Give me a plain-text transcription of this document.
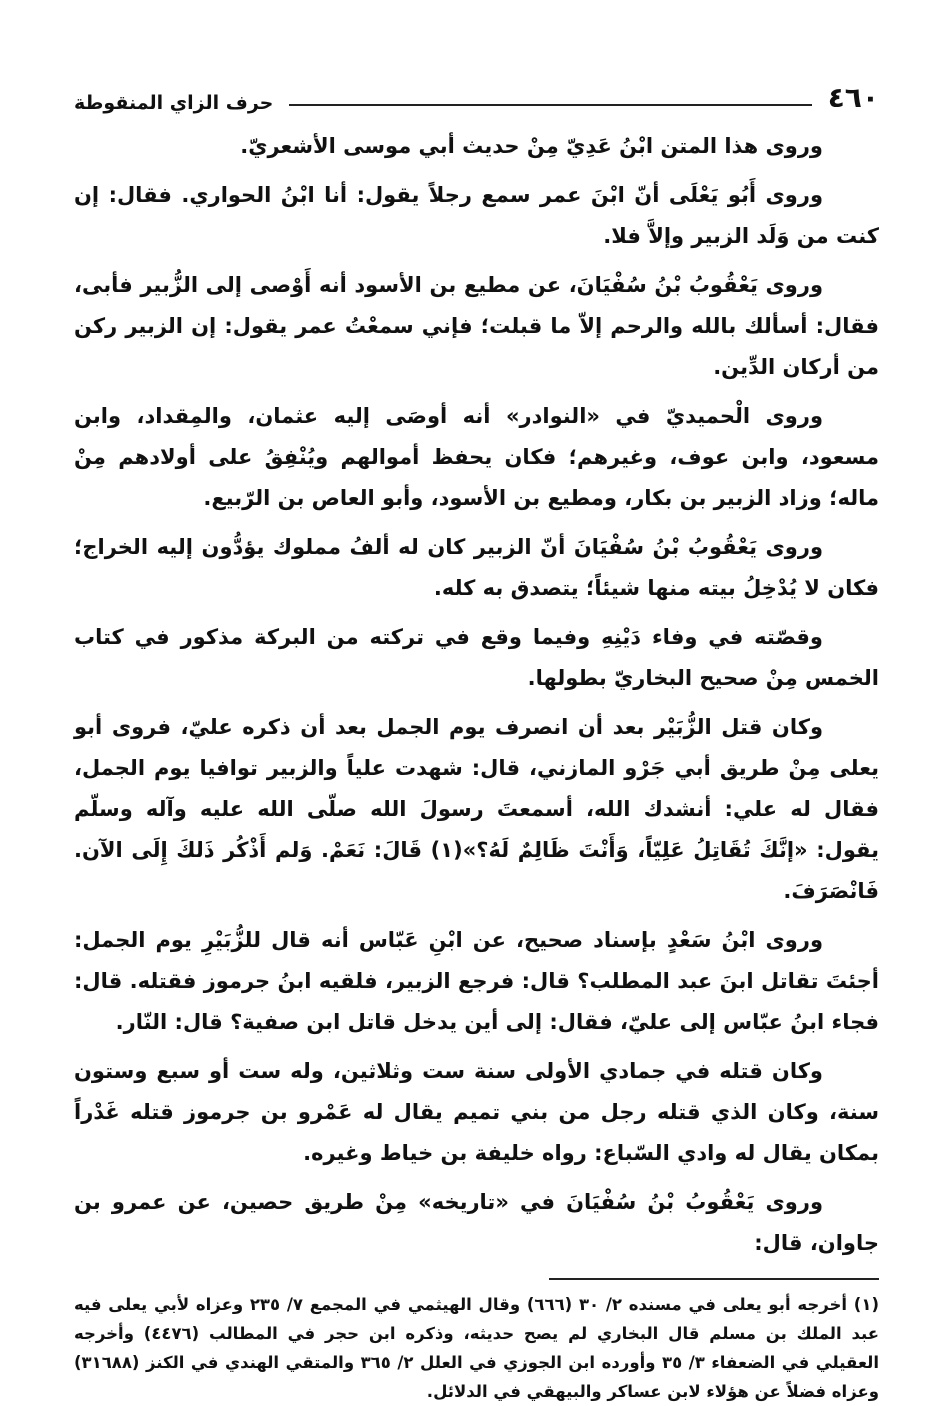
٤٦٠
حرف الزاي المنقوطة

وروى هذا المتن ابْنُ عَدِيّ مِنْ حديث أبي موسى الأشعريّ.

وروى أَبُو يَعْلَى أنّ ابْنَ عمر سمع رجلاً يقول: أنا ابْنُ الحواري. فقال: إن كنت من وَلَد الزبير وإلاَّ فلا.

وروى يَعْقُوبُ بْنُ سُفْيَانَ، عن مطيع بن الأسود أنه أَوْصى إلى الزُّبير فأبى، فقال: أسألك بالله والرحم إلاّ ما قبلت؛ فإني سمعْتُ عمر يقول: إن الزبير ركن من أركان الدِّين.

وروى الْحميديّ في «النوادر» أنه أوصَى إليه عثمان، والمِقداد، وابن مسعود، وابن عوف، وغيرهم؛ فكان يحفظ أموالهم ويُنْفِقُ على أولادهم مِنْ ماله؛ وزاد الزبير بن بكار، ومطيع بن الأسود، وأبو العاص بن الرّبيع.

وروى يَعْقُوبُ بْنُ سُفْيَانَ أنّ الزبير كان له ألفُ مملوك يؤدُّون إليه الخراج؛ فكان لا يُدْخِلُ بيته منها شيئاً؛ يتصدق به كله.

وقصّته في وفاء دَيْنِهِ وفيما وقع في تركته من البركة مذكور في كتاب الخمس مِنْ صحيح البخاريّ بطولها.

وكان قتل الزُّبَيْر بعد أن انصرف يوم الجمل بعد أن ذكره عليّ، فروى أبو يعلى مِنْ طريق أبي جَرْو المازني، قال: شهدت علياً والزبير توافيا يوم الجمل، فقال له علي: أنشدك الله، أسمعتَ رسولَ الله صلّى الله عليه وآله وسلّم يقول: «إنَّكَ تُقَاتِلُ عَلِيّاً، وَأَنْتَ ظَالِمٌ لَهُ؟»(١) قَالَ: نَعَمْ. وَلم أَذْكُر ذَلكَ إِلَى الآن. فَانْصَرَفَ.

وروى ابْنُ سَعْدٍ بإسناد صحيح، عن ابْنِ عَبّاس أنه قال للزُّبَيْرِ يوم الجمل: أجئتَ تقاتل ابنَ عبد المطلب؟ قال: فرجع الزبير، فلقيه ابنُ جرموز فقتله. قال: فجاء ابنُ عبّاس إلى عليّ، فقال: إلى أين يدخل قاتل ابن صفية؟ قال: النّار.

وكان قتله في جمادي الأولى سنة ست وثلاثين، وله ست أو سبع وستون سنة، وكان الذي قتله رجل من بني تميم يقال له عَمْرو بن جرموز قتله غَدْراً بمكان يقال له وادي السّباع: رواه خليفة بن خياط وغيره.

وروى يَعْقُوبُ بْنُ سُفْيَانَ في «تاريخه» مِنْ طريق حصين، عن عمرو بن جاوان، قال:

(١) أخرجه أبو يعلى في مسنده ٢/ ٣٠ (٦٦٦) وقال الهيثمي في المجمع ٧/ ٢٣٥ وعزاه لأبي يعلى فيه عبد الملك بن مسلم قال البخاري لم يصح حديثه، وذكره ابن حجر في المطالب (٤٤٧٦) وأخرجه العقيلي في الضعفاء ٣/ ٣٥ وأورده ابن الجوزي في العلل ٢/ ٣٦٥ والمتقي الهندي في الكنز (٣١٦٨٨) وعزاه فضلاً عن هؤلاء لابن عساكر والبيهقي في الدلائل.
